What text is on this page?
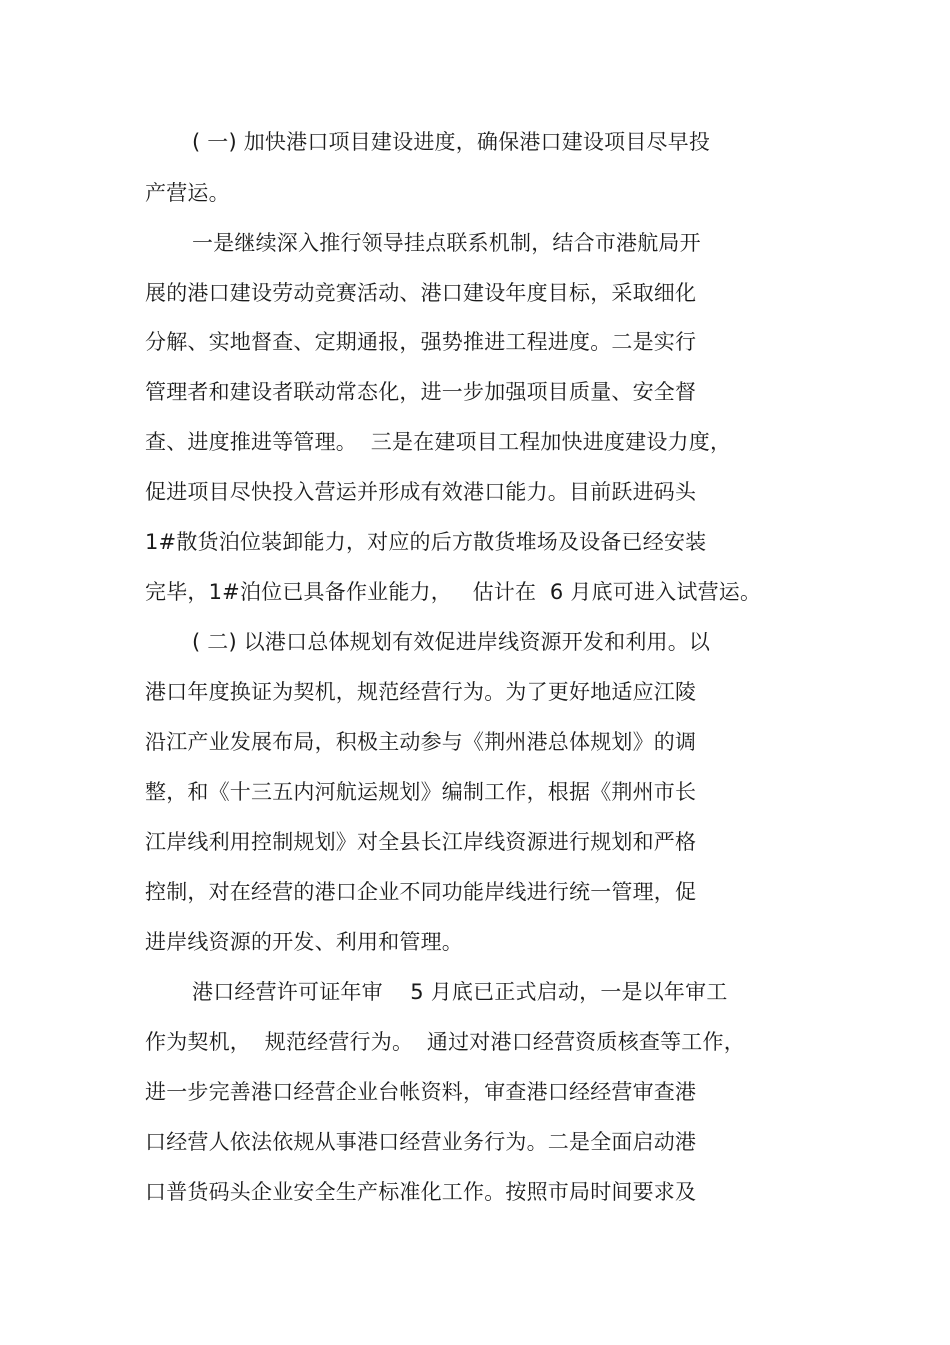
( 一) 加快港口项目建设进度，确保港口建设项目尽早投
产营运。
一是继续深入推行领导挂点联系机制，结合市港航局开
展的港口建设劳动竞赛活动、港口建设年度目标，采取细化
分解、实地督查、定期通报，强势推进工程进度。二是实行
管理者和建设者联动常态化，进一步加强项目质量、安全督
查、进度推进等管理。  三是在建项目工程加快进度建设力度，
促进项目尽快投入营运并形成有效港口能力。目前跃进码头
1#散货泊位装卸能力，对应的后方散货堆场及设备已经安装
完毕，1#泊位已具备作业能力，   估计在  6 月底可进入试营运。
( 二) 以港口总体规划有效促进岸线资源开发和利用。以
港口年度换证为契机，规范经营行为。为了更好地适应江陵
沿江产业发展布局，积极主动参与《荆州港总体规划》的调
整，和《十三五内河航运规划》编制工作，根据《荆州市长
江岸线利用控制规划》对全县长江岸线资源进行规划和严格
控制，对在经营的港口企业不同功能岸线进行统一管理，促
进岸线资源的开发、利用和管理。
港口经营许可证年审    5 月底已正式启动，一是以年审工
作为契机，  规范经营行为。  通过对港口经营资质核查等工作，
进一步完善港口经营企业台帐资料，审查港口经经营审查港
口经营人依法依规从事港口经营业务行为。二是全面启动港
口普货码头企业安全生产标准化工作。按照市局时间要求及
